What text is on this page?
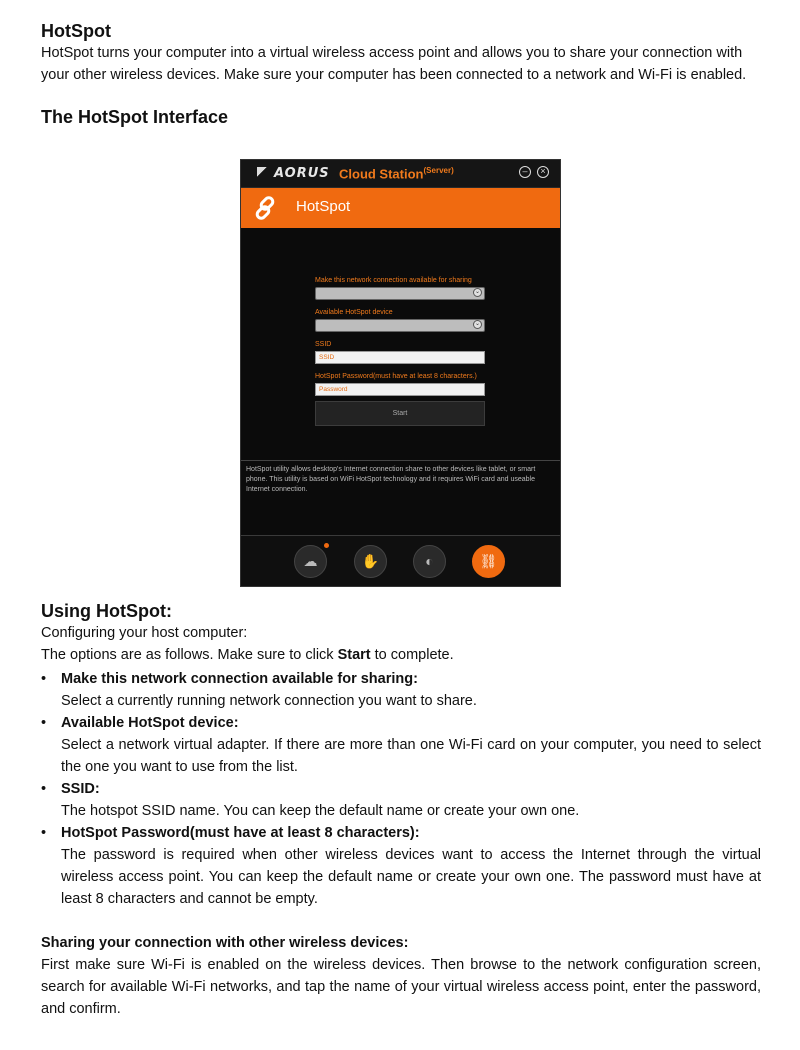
HotSpot

HotSpot turns your computer into a virtual wireless access point and allows you to share your connection with your other wireless devices. Make sure your computer has been connected to a network and Wi-Fi is enabled.

The HotSpot Interface

AORUS Cloud Station$^{(Server)}$	–	×
HotSpot
Make this network connection available for sharing
⌄
Available HotSpot device
⌄
SSID
SSID
HotSpot Password(must have at least 8 characters.)
Password
Start
HotSpot utility allows desktop's Internet connection share to other devices like tablet, or smart phone. This utility is based on WiFi HotSpot technology and it requires WiFi card and useable Internet connection.
☁	✋	◐	⛓

Using HotSpot:

Configuring your host computer:

The options are as follows. Make sure to click Start to complete.

• Make this network connection available for sharing:
Select a currently running network connection you want to share.
• Available HotSpot device:
Select a network virtual adapter. If there are more than one Wi-Fi card on your computer, you need to select the one you want to use from the list.
• SSID:
The hotspot SSID name. You can keep the default name or create your own one.
• HotSpot Password(must have at least 8 characters):
The password is required when other wireless devices want to access the Internet through the virtual wireless access point. You can keep the default name or create your own one. The password must have at least 8 characters and cannot be empty.

Sharing your connection with other wireless devices:

First make sure Wi-Fi is enabled on the wireless devices. Then browse to the network configuration screen, search for available Wi-Fi networks, and tap the name of your virtual wireless access point, enter the password, and confirm.
